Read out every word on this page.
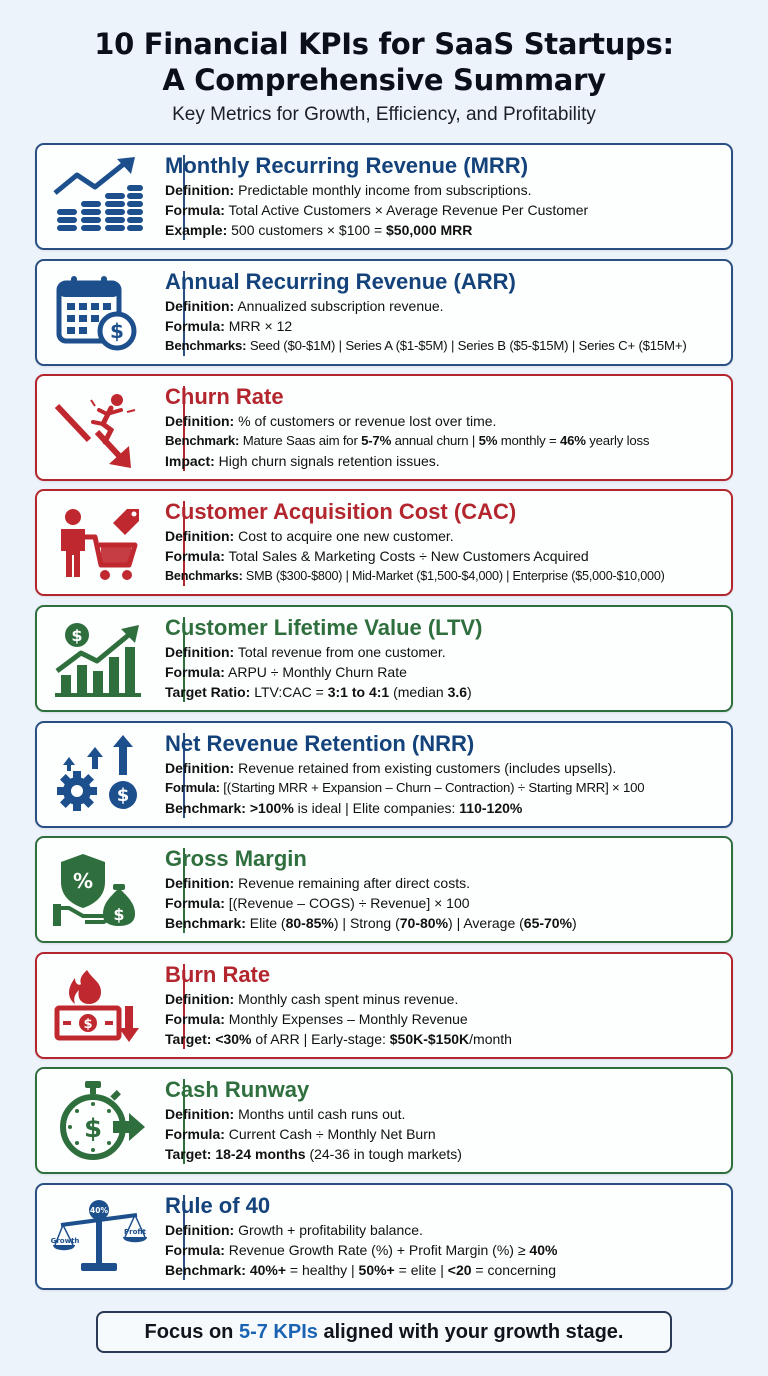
10 Financial KPIs for SaaS Startups:
A Comprehensive Summary
Key Metrics for Growth, Efficiency, and Profitability
Monthly Recurring Revenue (MRR)
Definition: Predictable monthly income from subscriptions.
Formula: Total Active Customers × Average Revenue Per Customer
Example: 500 customers × $100 = $50,000 MRR
$
Annual Recurring Revenue (ARR)
Definition: Annualized subscription revenue.
Formula: MRR × 12
Benchmarks: Seed ($0-$1M) | Series A ($1-$5M) | Series B ($5-$15M) | Series C+ ($15M+)
Churn Rate
Definition: % of customers or revenue lost over time.
Benchmark: Mature Saas aim for 5-7% annual churn | 5% monthly = 46% yearly loss
Impact: High churn signals retention issues.
Customer Acquisition Cost (CAC)
Definition: Cost to acquire one new customer.
Formula: Total Sales & Marketing Costs ÷ New Customers Acquired
Benchmarks: SMB ($300-$800) | Mid-Market ($1,500-$4,000) | Enterprise ($5,000-$10,000)
$	Customer Lifetime Value (LTV)
Definition: Total revenue from one customer.
Formula: ARPU ÷ Monthly Churn Rate
Target Ratio: LTV:CAC = 3:1 to 4:1 (median 3.6)
$
Net Revenue Retention (NRR)
Definition: Revenue retained from existing customers (includes upsells).
Formula: [(Starting MRR + Expansion – Churn – Contraction) ÷ Starting MRR] × 100
Benchmark: >100% is ideal | Elite companies: 110-120%
%
$
Gross Margin
Definition: Revenue remaining after direct costs.
Formula: [(Revenue – COGS) ÷ Revenue] × 100
Benchmark: Elite (80-85%) | Strong (70-80%) | Average (65-70%)
$
Burn Rate
Definition: Monthly cash spent minus revenue.
Formula: Monthly Expenses – Monthly Revenue
Target: <30% of ARR | Early-stage: $50K-$150K/month
$
Cash Runway
Definition: Months until cash runs out.
Formula: Current Cash ÷ Monthly Net Burn
Target: 18-24 months (24-36 in tough markets)
40%
Growth
Profit
Rule of 40
Definition: Growth + profitability balance.
Formula: Revenue Growth Rate (%) + Profit Margin (%) ≥ 40%
Benchmark: 40%+ = healthy | 50%+ = elite | <20 = concerning
Focus on 5-7 KPIs aligned with your growth stage.
